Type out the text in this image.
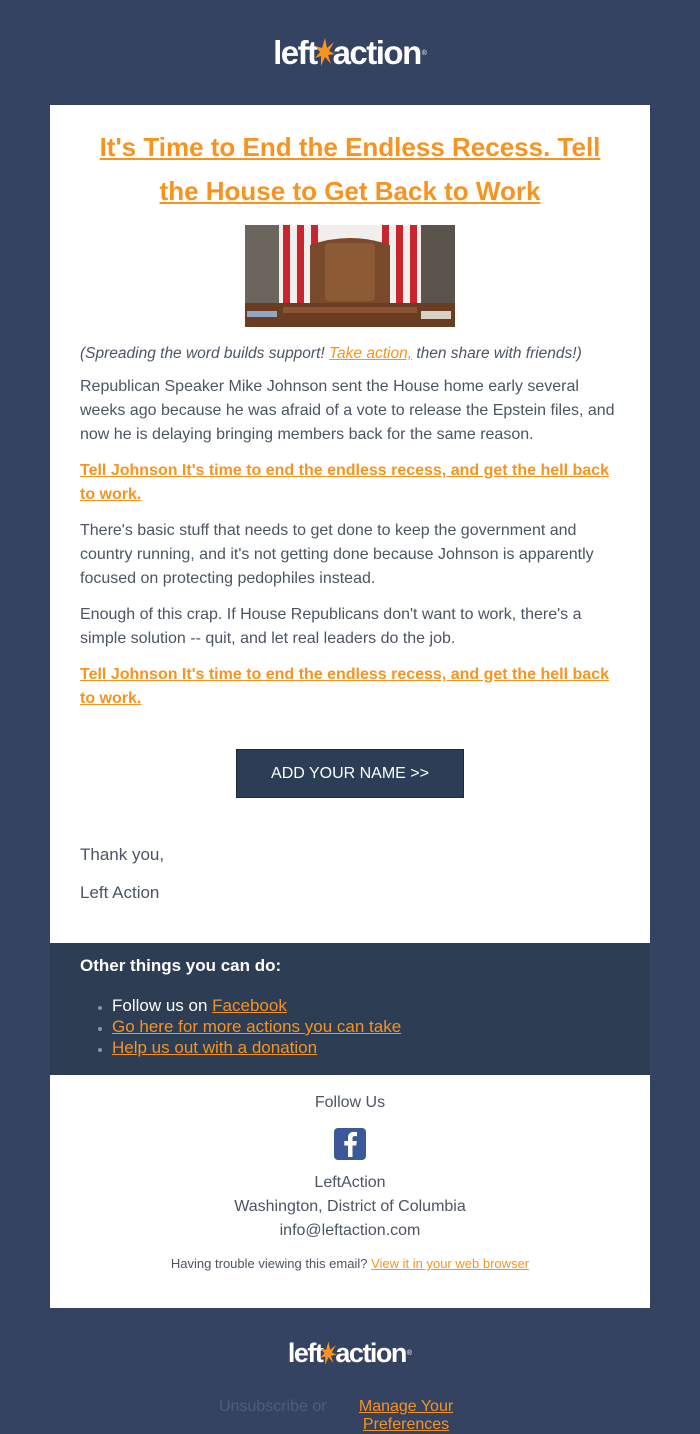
left action ®
It's Time to End the Endless Recess. Tell the House to Get Back to Work

(Spreading the word builds support! Take action, then share with friends!)

Republican Speaker Mike Johnson sent the House home early several weeks ago because he was afraid of a vote to release the Epstein files, and now he is delaying bringing members back for the same reason.

Tell Johnson It's time to end the endless recess, and get the hell back to work.

There's basic stuff that needs to get done to keep the government and country running, and it's not getting done because Johnson is apparently focused on protecting pedophiles instead.

Enough of this crap. If House Republicans don't want to work, there's a simple solution -- quit, and let real leaders do the job.

Tell Johnson It's time to end the endless recess, and get the hell back to work.

ADD YOUR NAME >>

Thank you,

Left Action

Other things you can do:
• Follow us on Facebook
• Go here for more actions you can take
• Help us out with a donation

Follow Us

LeftAction
Washington, District of Columbia
info@leftaction.com
Having trouble viewing this email? View it in your web browser
left action ®
Unsubscribe or Manage Your Preferences
